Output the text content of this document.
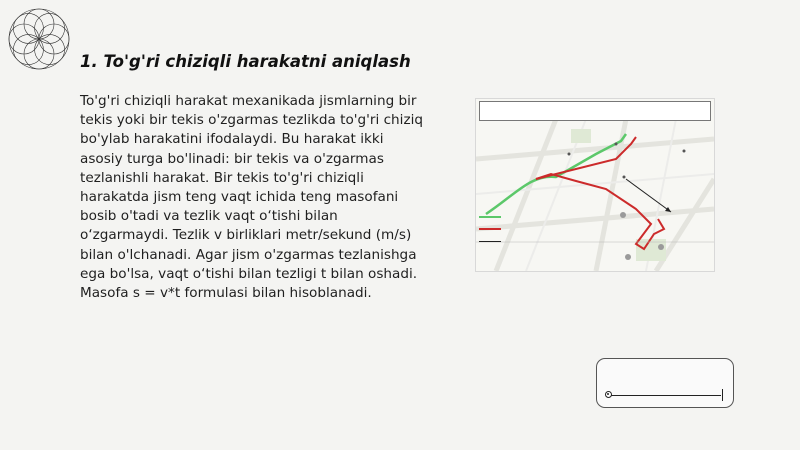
1. To'g'ri chiziqli harakatni aniqlash
To'g'ri chiziqli harakat mexanikada jismlarning bir tekis yoki bir tekis o'zgarmas tezlikda to'g'ri chiziq bo'ylab harakatini ifodalaydi. Bu harakat ikki asosiy turga bo'linadi: bir tekis va o'zgarmas tezlanishli harakat. Bir tekis to'g'ri chiziqli harakatda jism teng vaqt ichida teng masofani bosib o'tadi va tezlik vaqt o‘tishi bilan o‘zgarmaydi. Tezlik v birliklari metr/sekund (m/s) bilan o'lchanadi. Agar jism o'zgarmas tezlanishga ega bo'lsa, vaqt o‘tishi bilan tezligi t bilan oshadi. Masofa s = v*t formulasi bilan hisoblanadi.
